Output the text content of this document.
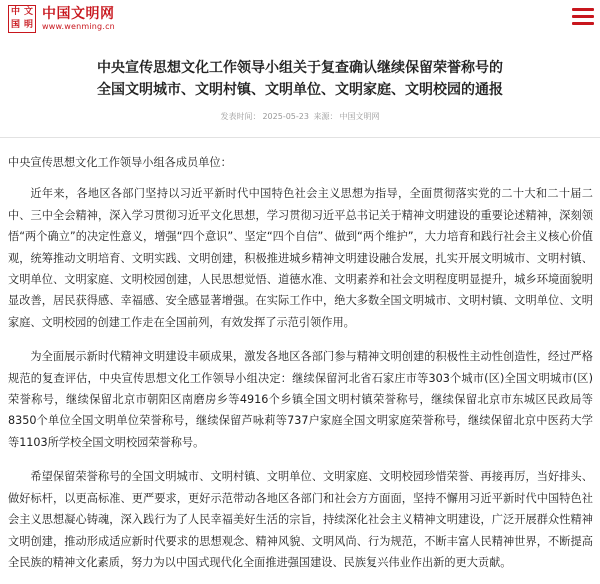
中 文
国 明
中国文明网
www.wenming.cn
中央宣传思想文化工作领导小组关于复查确认继续保留荣誉称号的
全国文明城市、文明村镇、文明单位、文明家庭、文明校园的通报
发表时间： 2025-05-23 来源： 中国文明网

中央宣传思想文化工作领导小组各成员单位：

近年来，各地区各部门坚持以习近平新时代中国特色社会主义思想为指导，全面贯彻落实党的二十大和二十届二中、三中全会精神，深入学习贯彻习近平文化思想，学习贯彻习近平总书记关于精神文明建设的重要论述精神，深刻领悟“两个确立”的决定性意义，增强“四个意识”、坚定“四个自信”、做到“两个维护”，大力培育和践行社会主义核心价值观，统筹推动文明培育、文明实践、文明创建，积极推进城乡精神文明建设融合发展，扎实开展文明城市、文明村镇、文明单位、文明家庭、文明校园创建，人民思想觉悟、道德水准、文明素养和社会文明程度明显提升，城乡环境面貌明显改善，居民获得感、幸福感、安全感显著增强。在实际工作中，绝大多数全国文明城市、文明村镇、文明单位、文明家庭、文明校园的创建工作走在全国前列，有效发挥了示范引领作用。

为全面展示新时代精神文明建设丰硕成果，激发各地区各部门参与精神文明创建的积极性主动性创造性，经过严格规范的复查评估，中央宣传思想文化工作领导小组决定：继续保留河北省石家庄市等303个城市(区)全国文明城市(区)荣誉称号，继续保留北京市朝阳区南磨房乡等4916个乡镇全国文明村镇荣誉称号，继续保留北京市东城区民政局等8350个单位全国文明单位荣誉称号，继续保留芦咏莉等737户家庭全国文明家庭荣誉称号，继续保留北京中医药大学等1103所学校全国文明校园荣誉称号。

希望保留荣誉称号的全国文明城市、文明村镇、文明单位、文明家庭、文明校园珍惜荣誉、再接再厉，当好排头、做好标杆，以更高标准、更严要求，更好示范带动各地区各部门和社会方方面面，坚持不懈用习近平新时代中国特色社会主义思想凝心铸魂，深入践行为了人民幸福美好生活的宗旨，持续深化社会主义精神文明建设，广泛开展群众性精神文明创建，推动形成适应新时代要求的思想观念、精神风貌、文明风尚、行为规范，不断丰富人民精神世界，不断提高全民族的精神文化素质，努力为以中国式现代化全面推进强国建设、民族复兴伟业作出新的更大贡献。
